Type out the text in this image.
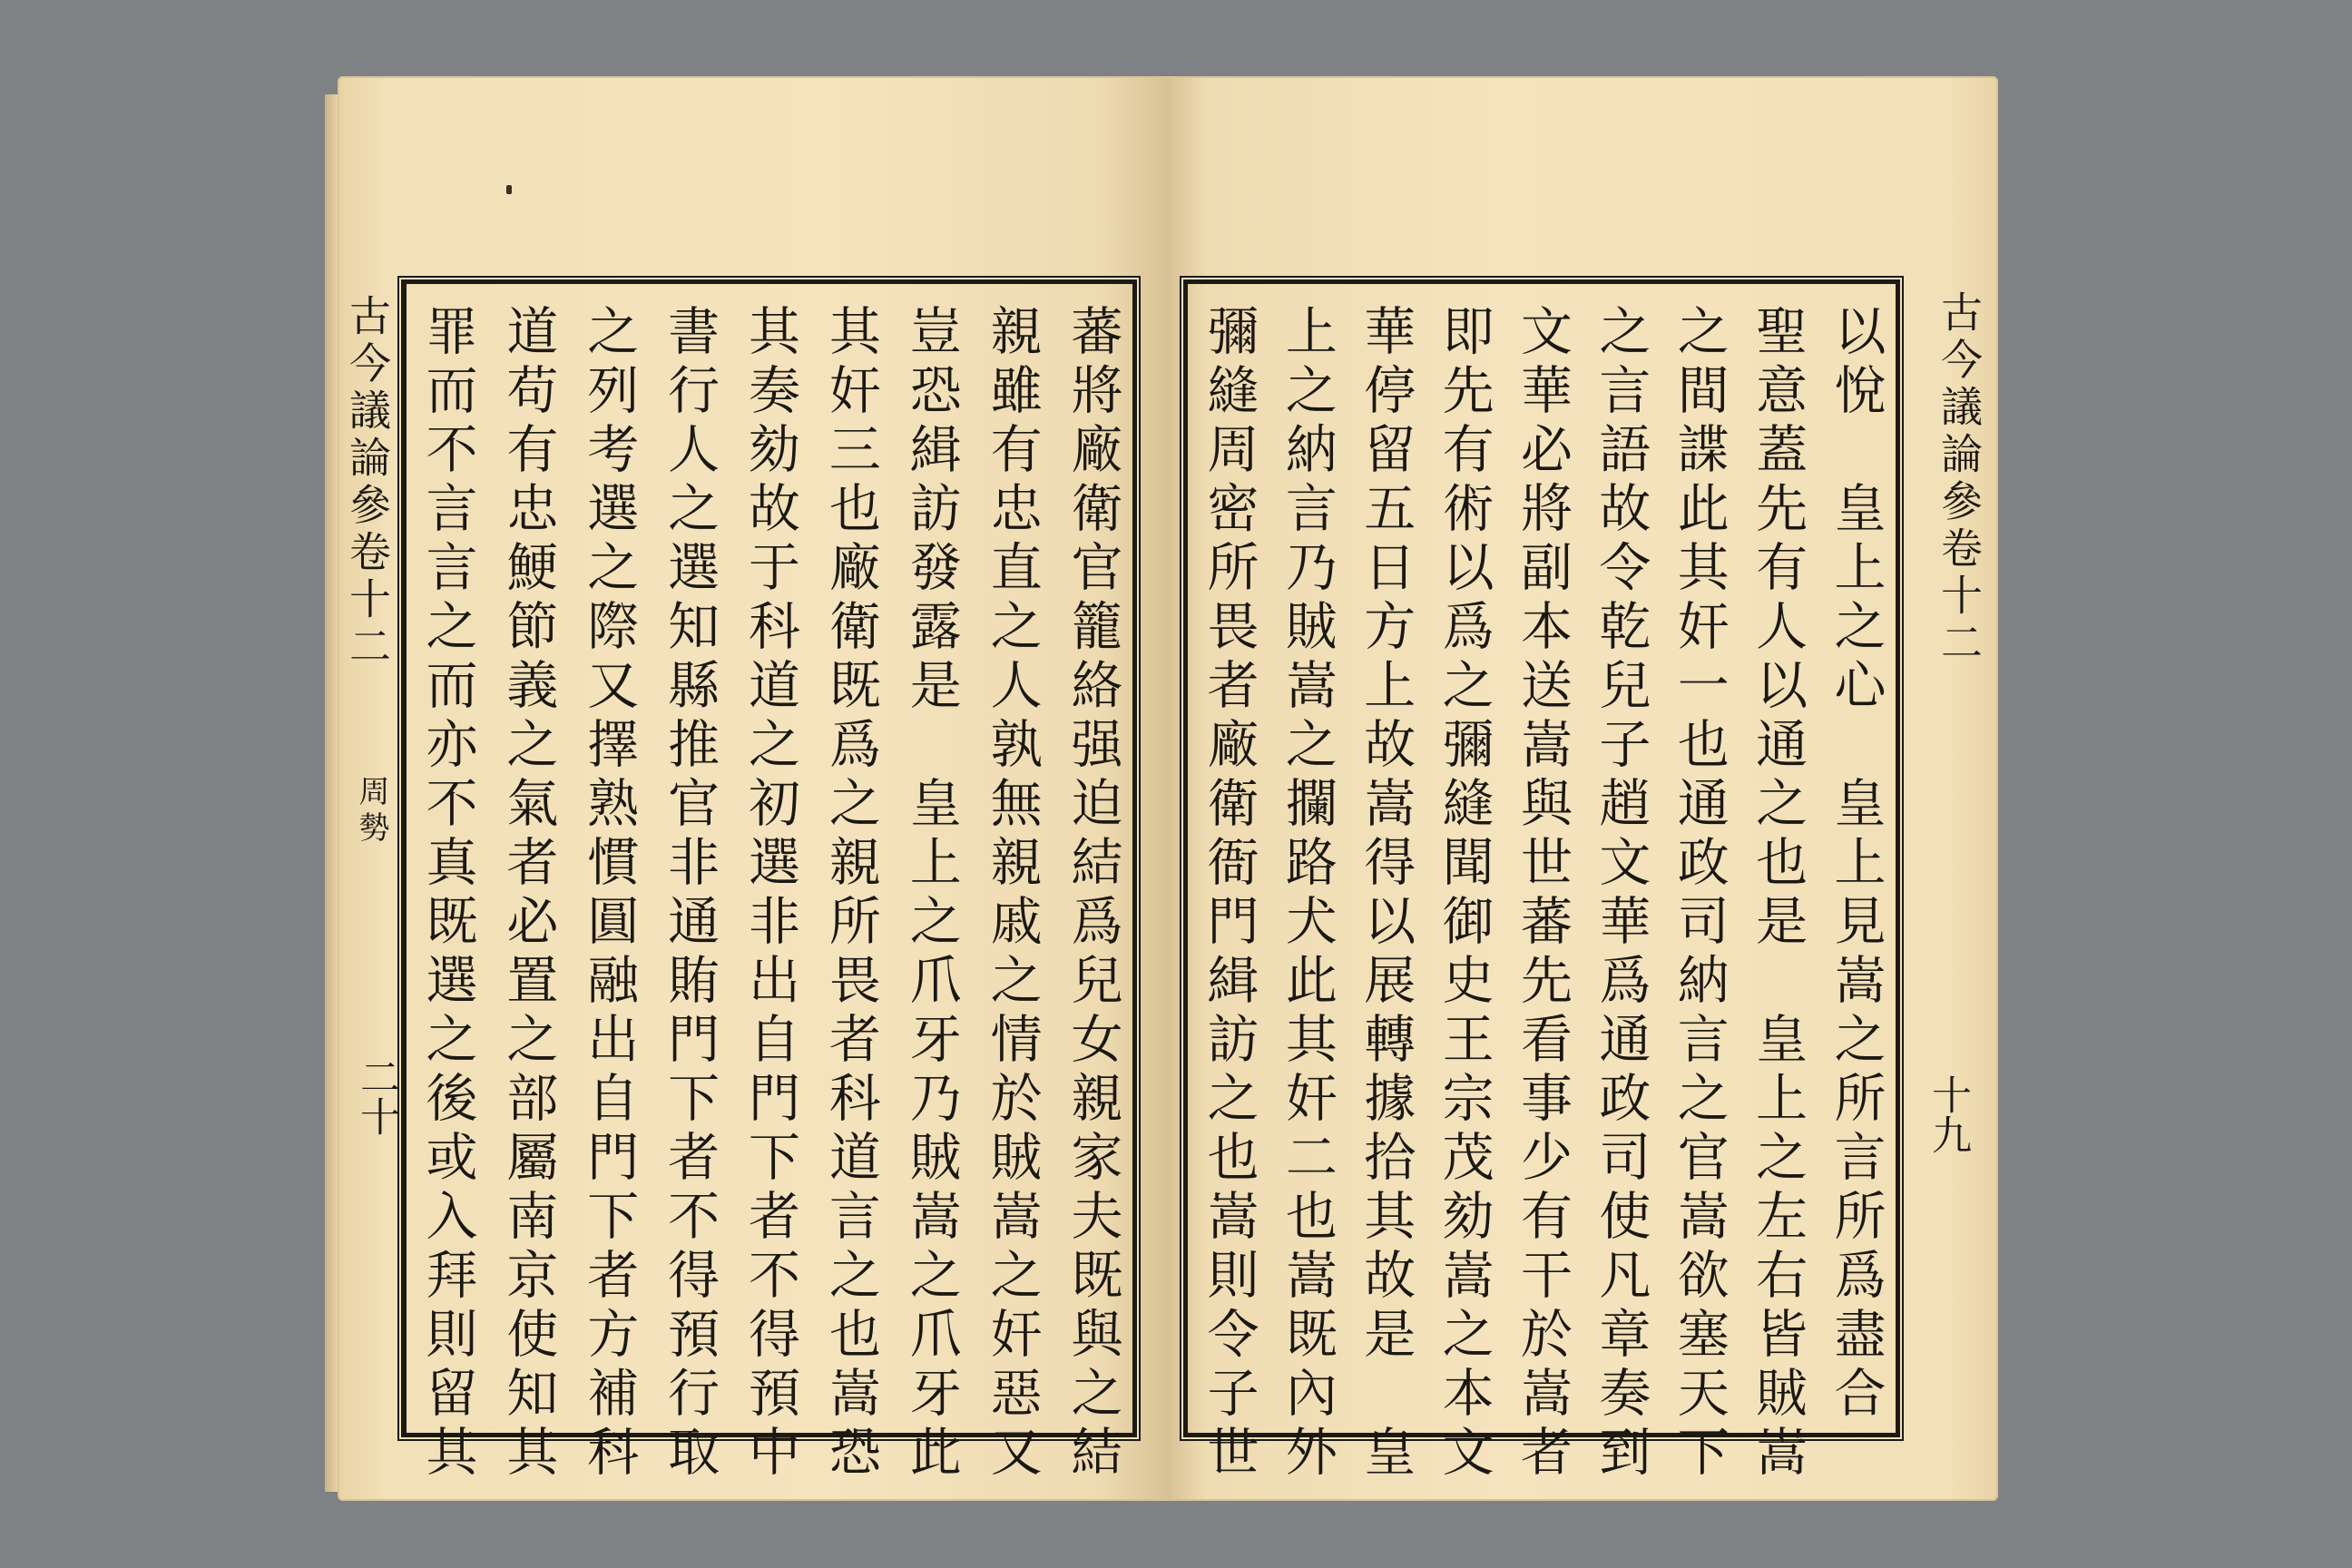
蕃將廠衛官籠絡强迫結爲兒女親家夫既與之結
親雖有忠直之人孰無親戚之情於賊嵩之奸惡又
豈恐緝訪發露是　皇上之爪牙乃賊嵩之爪牙此
其奸三也廠衛既爲之親所畏者科道言之也嵩恐
其奏劾故于科道之初選非出自門下者不得預中
書行人之選知縣推官非通賄門下者不得預行取
之列考選之際又擇熟慣圓融出自門下者方補科
道苟有忠鯁節義之氣者必置之部屬南京使知其
罪而不言言之而亦不真既選之後或入拜則留其
古今議論參卷十二
周勢
二十	以悅　皇上之心　皇上見嵩之所言所爲盡合
聖意蓋先有人以通之也是　皇上之左右皆賊嵩
之間諜此其奸一也通政司納言之官嵩欲塞天下
之言語故令乾兒子趙文華爲通政司使凡章奏到
文華必將副本送嵩與世蕃先看事少有干於嵩者
即先有術以爲之彌縫聞御史王宗茂劾嵩之本文
華停留五日方上故嵩得以展轉據拾其故是　皇
上之納言乃賊嵩之攔路犬此其奸二也嵩既內外
彌縫周密所畏者廠衛衙門緝訪之也嵩則令子世	古今議論參卷十二
十九
